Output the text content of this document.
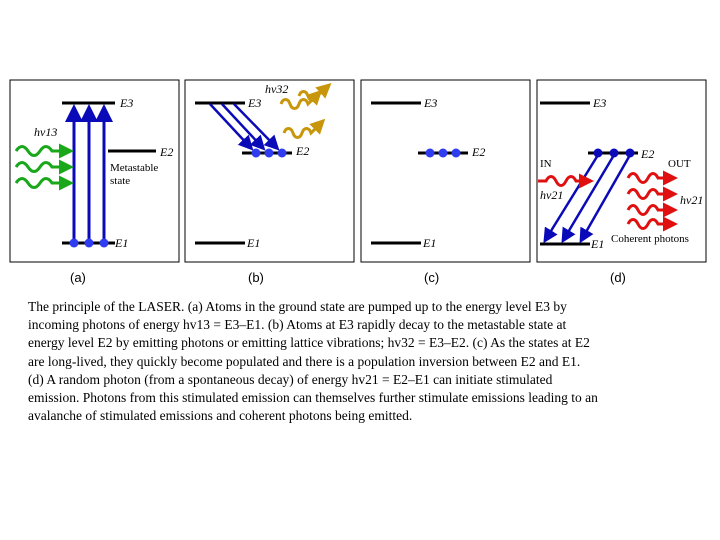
hv13
E3
E2
E1
Metastable
state
(a)
hv32
E3
E2
E1
(b)
E3
E2
E1
(c)
E3
E2
E1
IN	OUT
hv21	hv21
Coherent photons
(d)

The principle of the LASER. (a) Atoms in the ground state are pumped up to the energy level E3 by

incoming photons of energy hv13 = E3–E1. (b) Atoms at E3 rapidly decay to the metastable state at

energy level E2 by emitting photons or emitting lattice vibrations; hv32 = E3–E2. (c) As the states at E2

are long-lived, they quickly become populated and there is a population inversion between E2 and E1.

(d) A random photon (from a spontaneous decay) of energy hv21 = E2–E1 can initiate stimulated

emission. Photons from this stimulated emission can themselves further stimulate emissions leading to an

avalanche of stimulated emissions and coherent photons being emitted.
